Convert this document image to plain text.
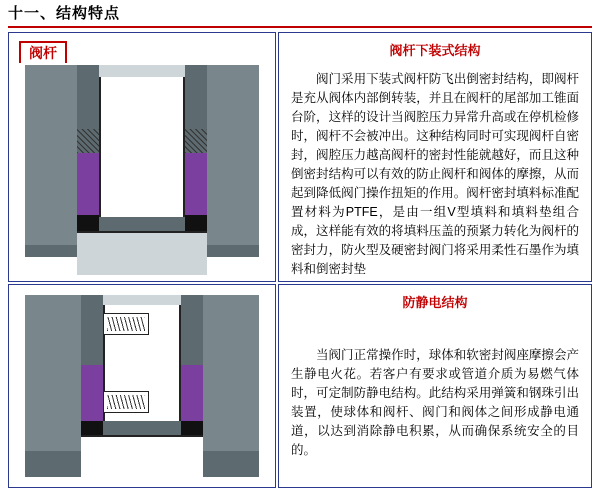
十一、结构特点
阀杆	阀杆下装式结构
阀门采用下装式阀杆防飞出倒密封结构，即阀杆是充从阀体内部倒转装，并且在阀杆的尾部加工锥面台阶，这样的设计当阀腔压力异常升高或在停机检修时，阀杆不会被冲出。这种结构同时可实现阀杆自密封，阀腔压力越高阀杆的密封性能就越好，而且这种倒密封结构可以有效的防止阀杆和阀体的摩擦，从而起到降低阀门操作扭矩的作用。阀杆密封填料标准配置材料为PTFE，是由一组V型填料和填料垫组合成，这样能有效的将填料压盖的预紧力转化为阀杆的密封力，防火型及硬密封阀门将采用柔性石墨作为填料和倒密封垫
防静电结构
当阀门正常操作时，球体和软密封阀座摩擦会产生静电火花。若客户有要求或管道介质为易燃气体时，可定制防静电结构。此结构采用弹簧和钢珠引出装置，使球体和阀杆、阀门和阀体之间形成静电通道，以达到消除静电积累，从而确保系统安全的目的。
